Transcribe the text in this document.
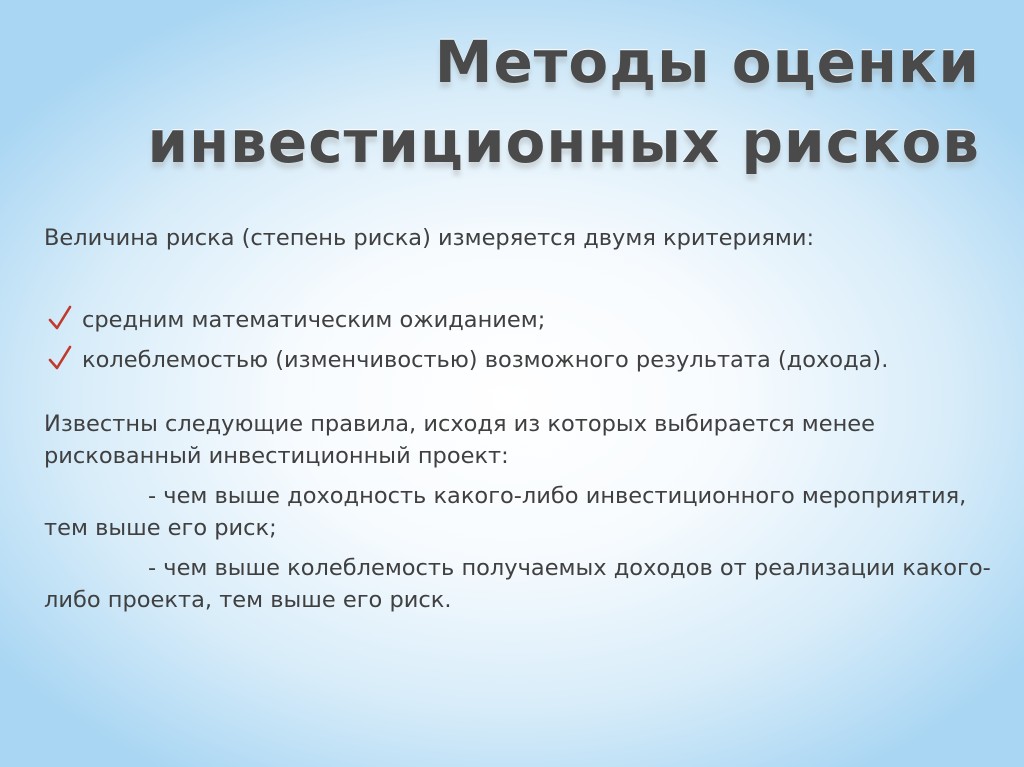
Методы оценки
инвестиционных рисков

Величина риска (степень риска) измеряется двумя критериями:

средним математическим ожиданием;
колеблемостью (изменчивостью) возможного результата (дохода).

Известны следующие правила, исходя из которых выбирается менее рискованный инвестиционный проект:

- чем выше доходность какого-либо инвестиционного мероприятия, тем выше его риск;

- чем выше колеблемость получаемых доходов от реализации какого-либо проекта, тем выше его риск.
